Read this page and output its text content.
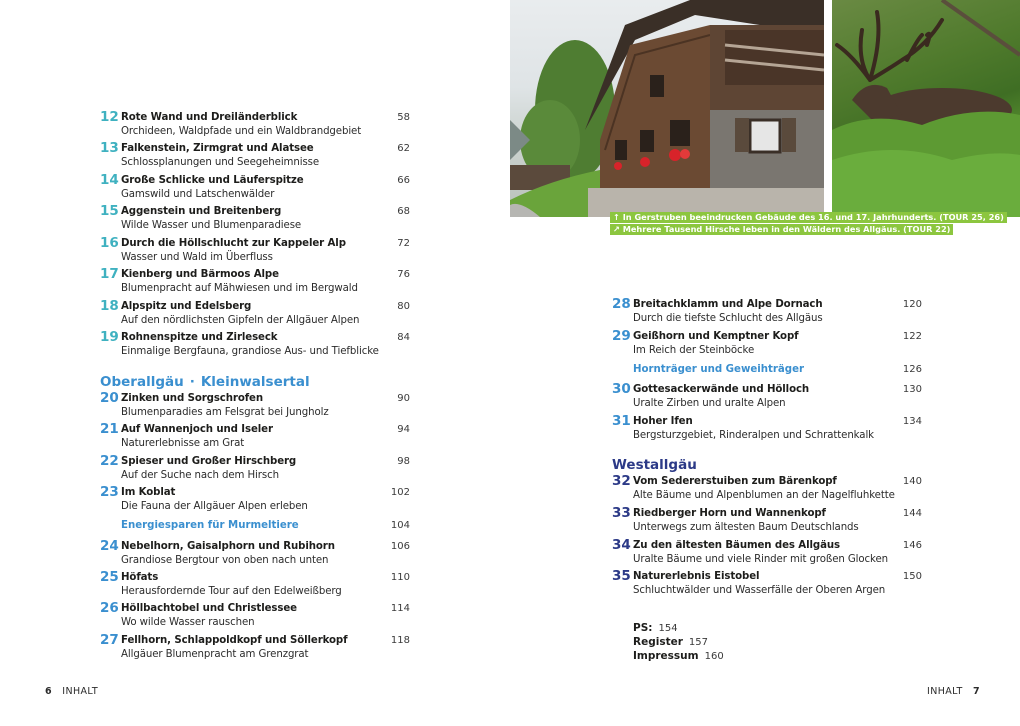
12 Rote Wand und Dreiländerblick
Orchideen, Waldpfade und ein Waldbrandgebiet
58
13 Falkenstein, Zirmgrat und Alatsee
Schlossplanungen und Seegeheimnisse
62
14 Große Schlicke und Läuferspitze
Gamswild und Latschenwälder
66
15 Aggenstein und Breitenberg
Wilde Wasser und Blumenparadiese
68
16 Durch die Höllschlucht zur Kappeler Alp
Wasser und Wald im Überfluss
72
17 Kienberg und Bärmoos Alpe
Blumenpracht auf Mähwiesen und im Bergwald
76
18 Alpspitz und Edelsberg
Auf den nördlichsten Gipfeln der Allgäuer Alpen
80
19 Rohnenspitze und Zirleseck
Einmalige Bergfauna, grandiose Aus- und Tiefblicke
84
Oberallgäu · Kleinwalsertal
20 Zinken und Sorgschrofen
Blumenparadies am Felsgrat bei Jungholz
90
21 Auf Wannenjoch und Iseler
Naturerlebnisse am Grat
94
22 Spieser und Großer Hirschberg
Auf der Suche nach dem Hirsch
98
23 Im Koblat
Die Fauna der Allgäuer Alpen erleben
102
Energiesparen für Murmeltiere	104
24 Nebelhorn, Gaisalphorn und Rubihorn
Grandiose Bergtour von oben nach unten
106
25 Höfats
Herausfordernde Tour auf den Edelweißberg
110
26 Höllbachtobel und Christlessee
Wo wilde Wasser rauschen
114
27 Fellhorn, Schlappoldkopf und Söllerkopf
Allgäuer Blumenpracht am Grenzgrat
118
6 INHALT
↑ In Gerstruben beeindrucken Gebäude des 16. und 17. Jahrhunderts. (TOUR 25, 26)
↗ Mehrere Tausend Hirsche leben in den Wäldern des Allgäus. (TOUR 22)
28 Breitachklamm und Alpe Dornach
Durch die tiefste Schlucht des Allgäus
120
29 Geißhorn und Kemptner Kopf
Im Reich der Steinböcke
122
Hornträger und Geweihträger	126
30 Gottesackerwände und Hölloch
Uralte Zirben und uralte Alpen
130
31 Hoher Ifen
Bergsturzgebiet, Rinderalpen und Schrattenkalk
134
Westallgäu
32 Vom Sedererstuiben zum Bärenkopf
Alte Bäume und Alpenblumen an der Nagelfluhkette
140
33 Riedberger Horn und Wannenkopf
Unterwegs zum ältesten Baum Deutschlands
144
34 Zu den ältesten Bäumen des Allgäus
Uralte Bäume und viele Rinder mit großen Glocken
146
35 Naturerlebnis Eistobel
Schluchtwälder und Wasserfälle der Oberen Argen
150
PS: 154
Register 157
Impressum 160
INHALT 7
